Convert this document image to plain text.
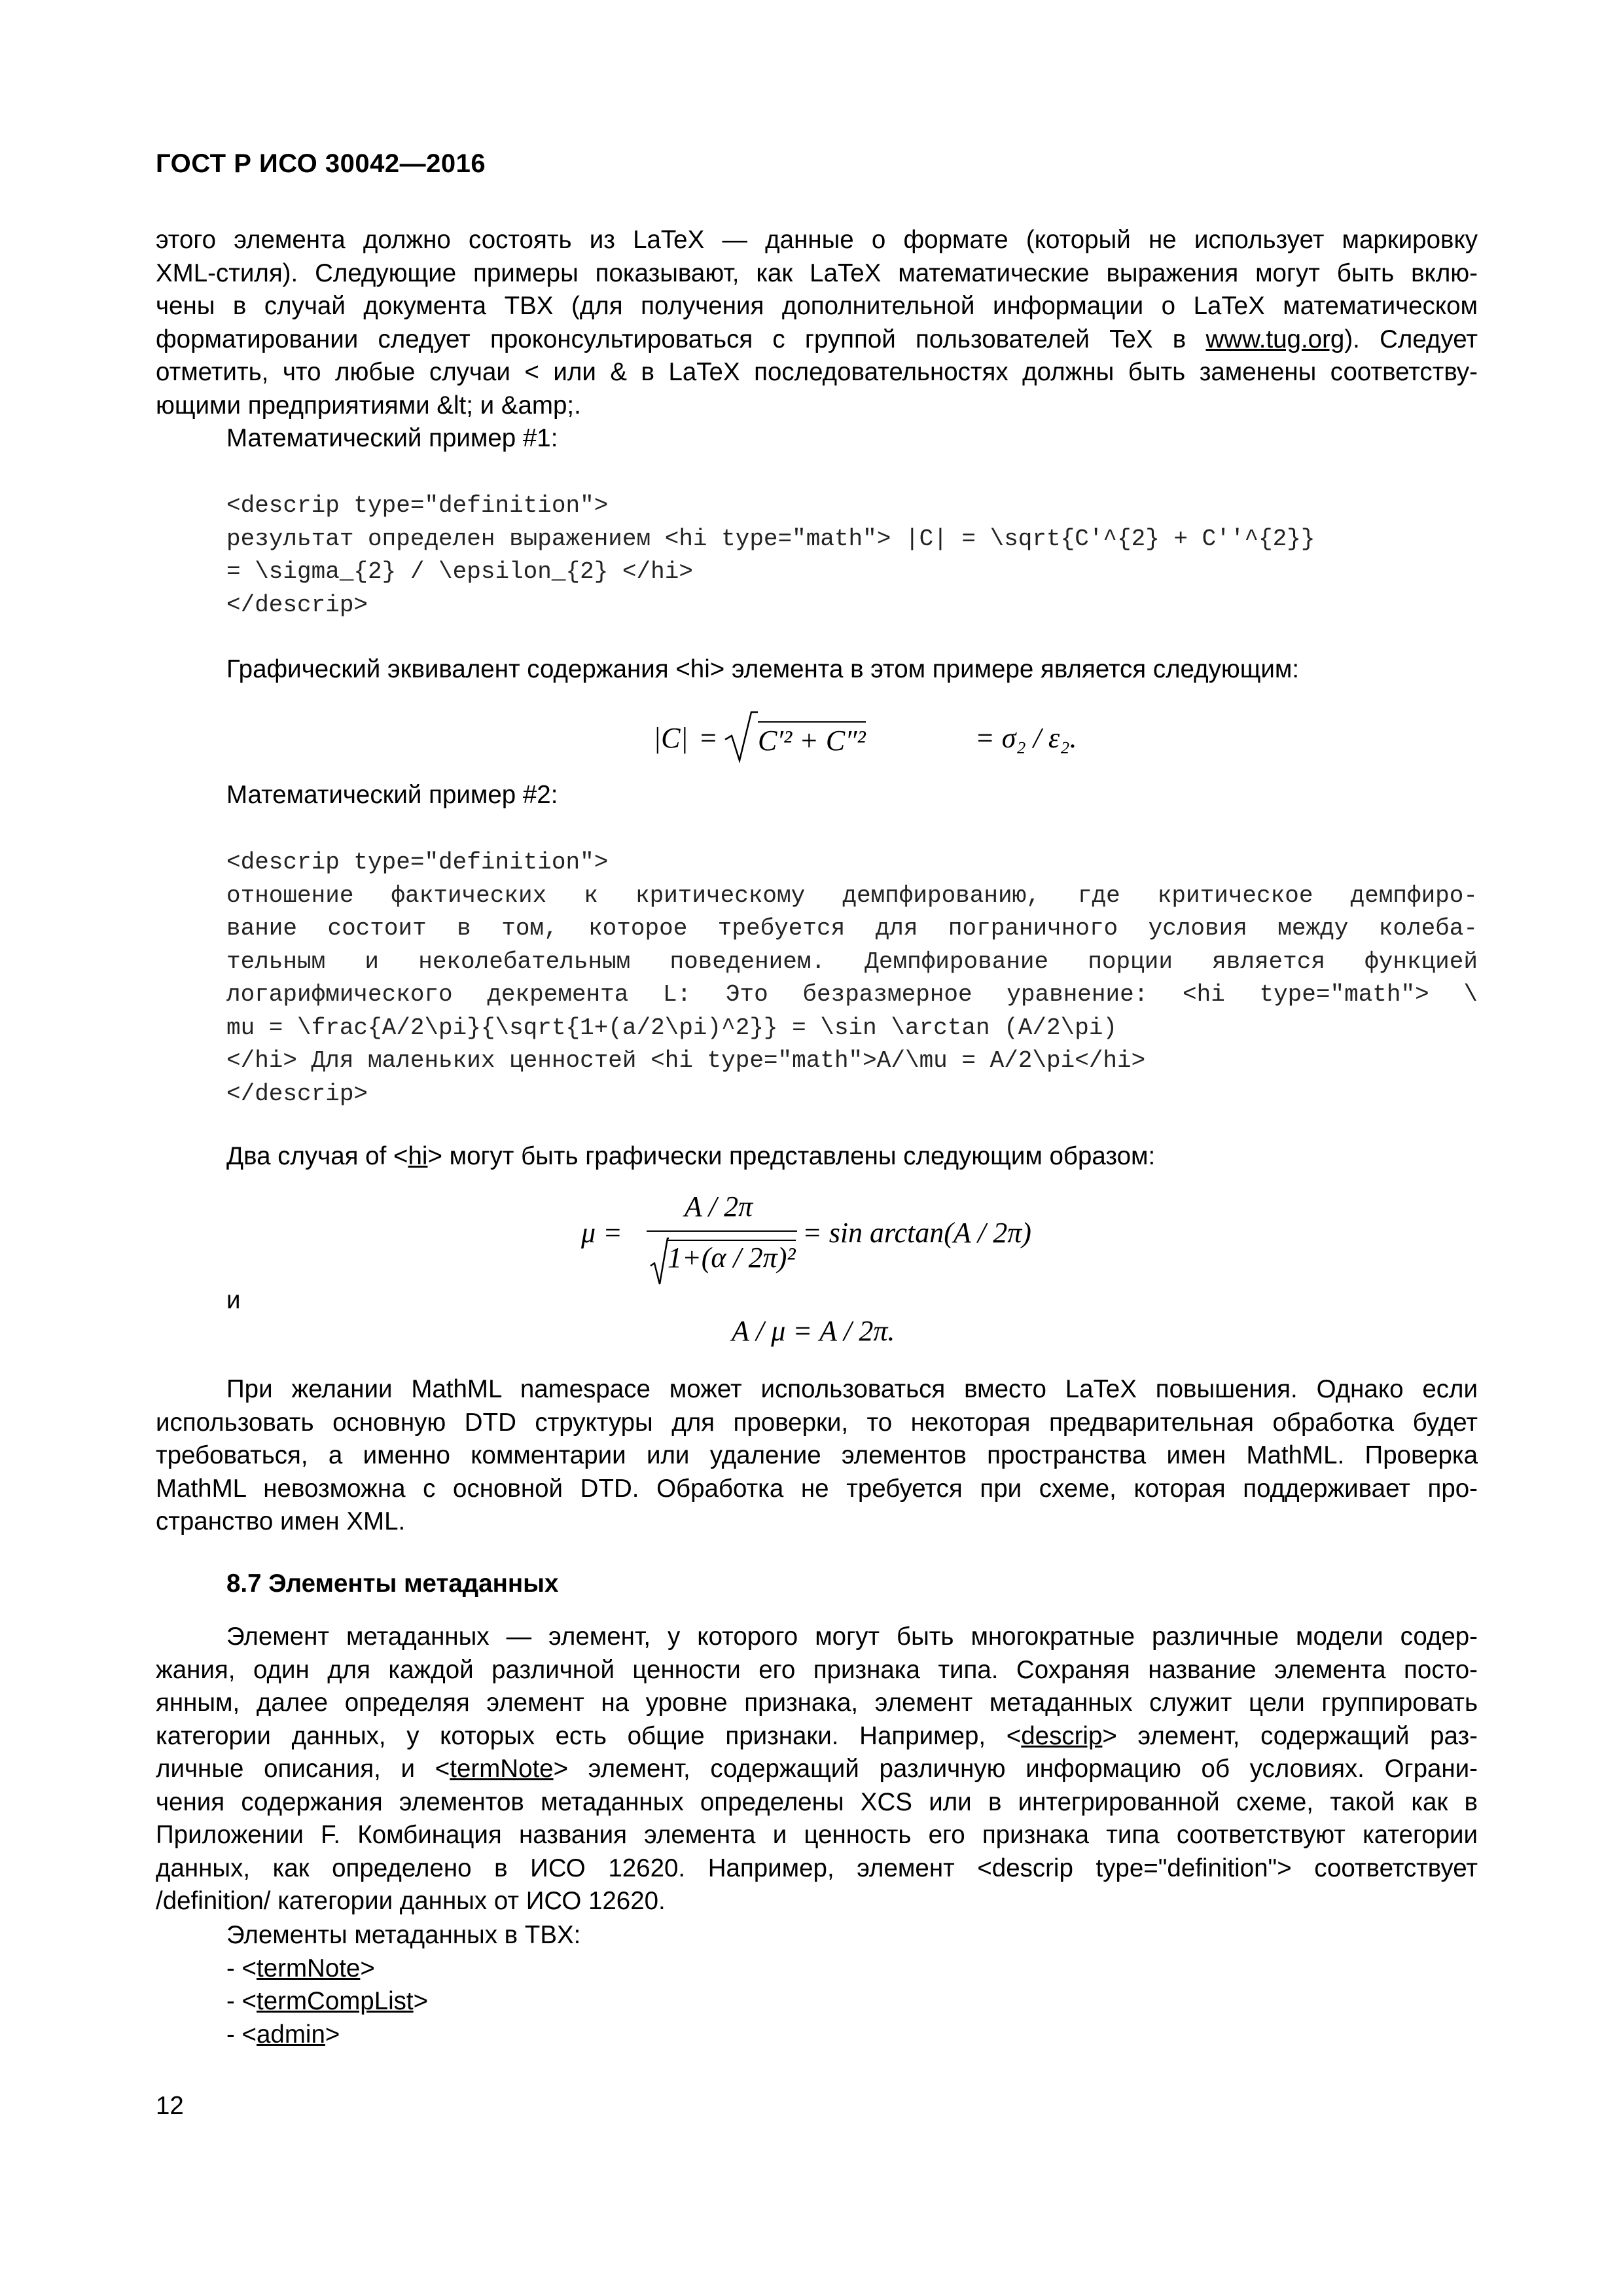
ГОСТ Р ИСО 30042—2016
этого элемента должно состоять из LaTeX — данные о формате (который не использует маркировку
XML-стиля). Следующие примеры показывают, как LaTeX математические выражения могут быть вклю-
чены в случай документа TBX (для получения дополнительной информации о LaTeX математическом
форматировании следует проконсультироваться с группой пользователей TeX в www.tug.org). Следует
отметить, что любые случаи < или & в LaTeX последовательностях должны быть заменены соответству-
ющими предприятиями &lt; и &amp;.
Математический пример #1:
<descrip type="definition">
результат определен выражением <hi type="math"> |C| = \sqrt{C'^{2} + C''^{2}}
= \sigma_{2} / \epsilon_{2} </hi>
</descrip>
Графический эквивалент содержания <hi> элемента в этом примере является следующим:
|C| = C′² + C″²	= σ₂ / ε₂.
Математический пример #2:
<descrip type="definition">
отношение фактических к критическому демпфированию, где критическое демпфиро-
вание состоит в том, которое требуется для пограничного условия между колеба-
тельным и неколебательным поведением. Демпфирование порции является функцией
логарифмического декремента L: Это безразмерное уравнение: <hi type="math"> \
mu = \frac{A/2\pi}{\sqrt{1+(a/2\pi)^2}} = \sin \arctan (A/2\pi)
</hi> Для маленьких ценностей <hi type="math">A/\mu = A/2\pi</hi>
</descrip>
Два случая of <hi> могут быть графически представлены следующим образом:
μ =
A / 2π
1+(α / 2π)²
= sin arctan(A / 2π)
и
A / μ = A / 2π.
При желании MathML namespace может использоваться вместо LaTeX повышения. Однако если
использовать основную DTD структуры для проверки, то некоторая предварительная обработка будет
требоваться, а именно комментарии или удаление элементов пространства имен MathML. Проверка
MathML невозможна с основной DTD. Обработка не требуется при схеме, которая поддерживает про-
странство имен XML.
8.7 Элементы метаданных
Элемент метаданных — элемент, у которого могут быть многократные различные модели содер-
жания, один для каждой различной ценности его признака типа. Сохраняя название элемента посто-
янным, далее определяя элемент на уровне признака, элемент метаданных служит цели группировать
категории данных, у которых есть общие признаки. Например, <descrip> элемент, содержащий раз-
личные описания, и <termNote> элемент, содержащий различную информацию об условиях. Ограни-
чения содержания элементов метаданных определены XCS или в интегрированной схеме, такой как в
Приложении F. Комбинация названия элемента и ценность его признака типа соответствуют категории
данных, как определено в ИСО 12620. Например, элемент <descrip type="definition"> соответствует
/definition/ категории данных от ИСО 12620.
Элементы метаданных в TBX:
- <termNote>
- <termCompList>
- <admin>
12
